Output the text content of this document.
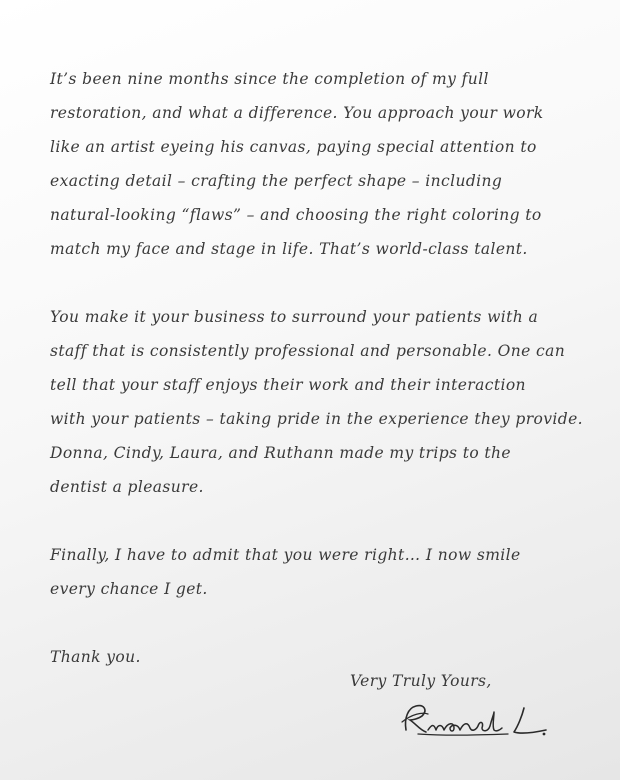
It’s been nine months since the completion of my full
restoration, and what a difference. You approach your work
like an artist eyeing his canvas, paying special attention to
exacting detail – crafting the perfect shape – including
natural-looking “flaws” – and choosing the right coloring to
match my face and stage in life. That’s world-class talent.

You make it your business to surround your patients with a
staff that is consistently professional and personable. One can
tell that your staff enjoys their work and their interaction
with your patients – taking pride in the experience they provide.
Donna, Cindy, Laura, and Ruthann made my trips to the
dentist a pleasure.

Finally, I have to admit that you were right… I now smile
every chance I get.

Thank you.

Very Truly Yours,
